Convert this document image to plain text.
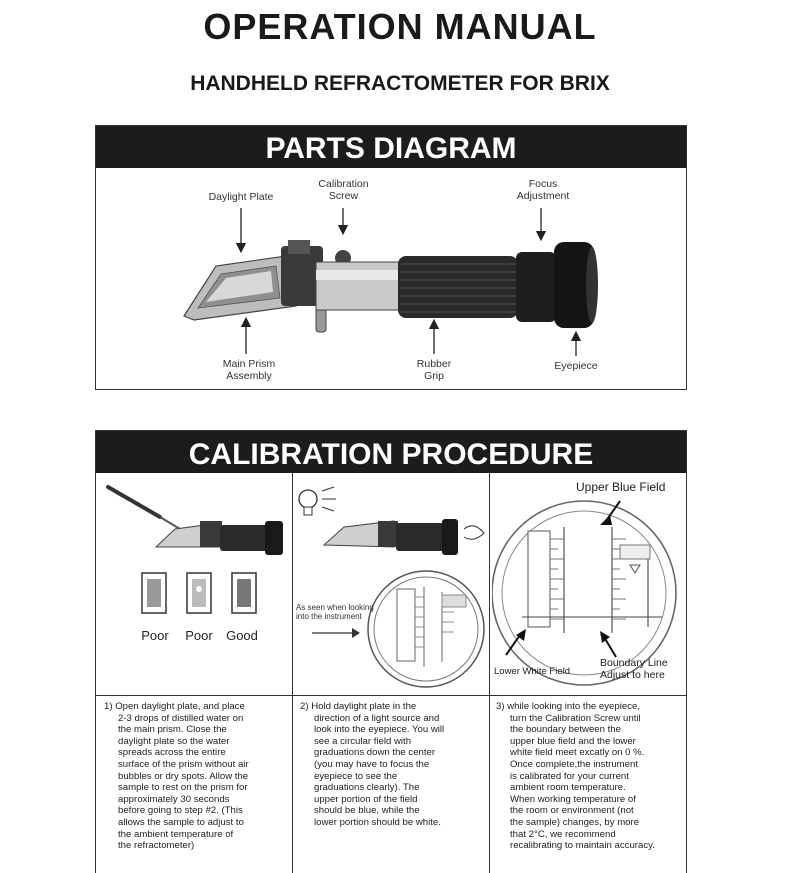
OPERATION MANUAL
HANDHELD REFRACTOMETER FOR BRIX
PARTS DIAGRAM
Daylight Plate
Calibration
Screw
Focus
Adjustment
Main Prism
Assembly
Rubber
Grip
Eyepiece
CALIBRATION PROCEDURE
Poor	Poor	Good
As seen when looking
into the instrument
Upper Blue Field
Lower White Field
Boundary Line
Adjust to here
1) Open daylight plate, and place
2-3 drops of distilled water on
the main prism. Close the
daylight plate so the water
spreads across the entire
surface of the prism without air
bubbles or dry spots. Allow the
sample to rest on the prism for
approximately 30 seconds
before going to step #2. (This
allows the sample to adjust to
the ambient temperature of
the refractometer)
2) Hold daylight plate in the
direction of a light source and
look into the eyepiece. You will
see a circular field with
graduations down the center
(you may have to focus the
eyepiece to see the
graduations clearly). The
upper portion of the field
should be blue, while the
lower portion should be white.
3) while looking into the eyepiece,
turn the Calibration Screw until
the boundary between the
upper blue field and the lower
white field meet excatly on 0 %.
Once complete,the instrument
is calibrated for your current
ambient room temperature.
When working temperature of
the room or environment (not
the sample) changes, by more
that 2°C, we recommend
recalibrating to maintain accuracy.
